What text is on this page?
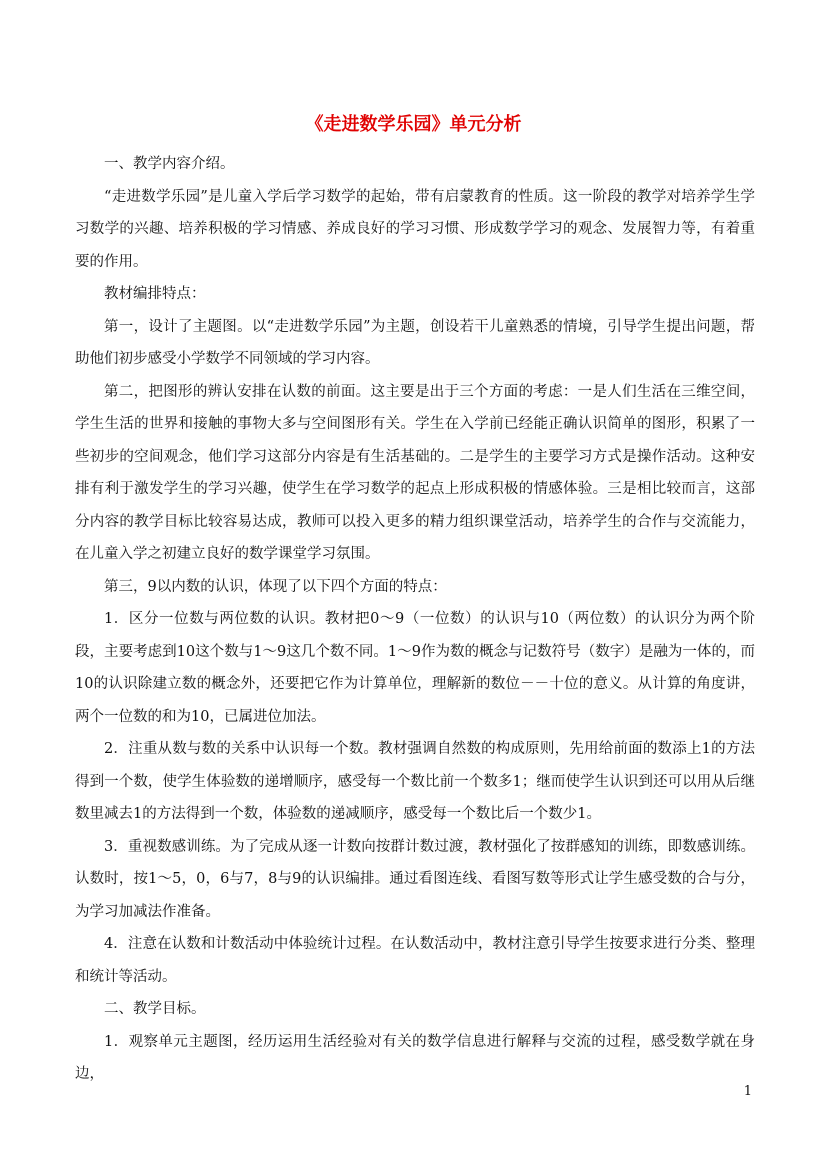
《走进数学乐园》单元分析

一、教学内容介绍。

“走进数学乐园”是儿童入学后学习数学的起始，带有启蒙教育的性质。这一阶段的教学对培养学生学习数学的兴趣、培养积极的学习情感、养成良好的学习习惯、形成数学学习的观念、发展智力等，有着重要的作用。

教材编排特点：

第一，设计了主题图。以“走进数学乐园”为主题，创设若干儿童熟悉的情境，引导学生提出问题，帮助他们初步感受小学数学不同领域的学习内容。

第二，把图形的辨认安排在认数的前面。这主要是出于三个方面的考虑：一是人们生活在三维空间，学生生活的世界和接触的事物大多与空间图形有关。学生在入学前已经能正确认识简单的图形，积累了一些初步的空间观念，他们学习这部分内容是有生活基础的。二是学生的主要学习方式是操作活动。这种安排有利于激发学生的学习兴趣，使学生在学习数学的起点上形成积极的情感体验。三是相比较而言，这部分内容的教学目标比较容易达成，教师可以投入更多的精力组织课堂活动，培养学生的合作与交流能力，在儿童入学之初建立良好的数学课堂学习氛围。

第三，9以内数的认识，体现了以下四个方面的特点：

1．区分一位数与两位数的认识。教材把0～9（一位数）的认识与10（两位数）的认识分为两个阶段，主要考虑到10这个数与1～9这几个数不同。1～9作为数的概念与记数符号（数字）是融为一体的，而10的认识除建立数的概念外，还要把它作为计算单位，理解新的数位－－十位的意义。从计算的角度讲，两个一位数的和为10，已属进位加法。

2．注重从数与数的关系中认识每一个数。教材强调自然数的构成原则，先用给前面的数添上1的方法得到一个数，使学生体验数的递增顺序，感受每一个数比前一个数多1；继而使学生认识到还可以用从后继数里减去1的方法得到一个数，体验数的递减顺序，感受每一个数比后一个数少1。

3．重视数感训练。为了完成从逐一计数向按群计数过渡，教材强化了按群感知的训练，即数感训练。认数时，按1～5，0，6与7，8与9的认识编排。通过看图连线、看图写数等形式让学生感受数的合与分，为学习加减法作准备。

4．注意在认数和计数活动中体验统计过程。在认数活动中，教材注意引导学生按要求进行分类、整理和统计等活动。

二、教学目标。

1．观察单元主题图，经历运用生活经验对有关的数学信息进行解释与交流的过程，感受数学就在身边，

1
